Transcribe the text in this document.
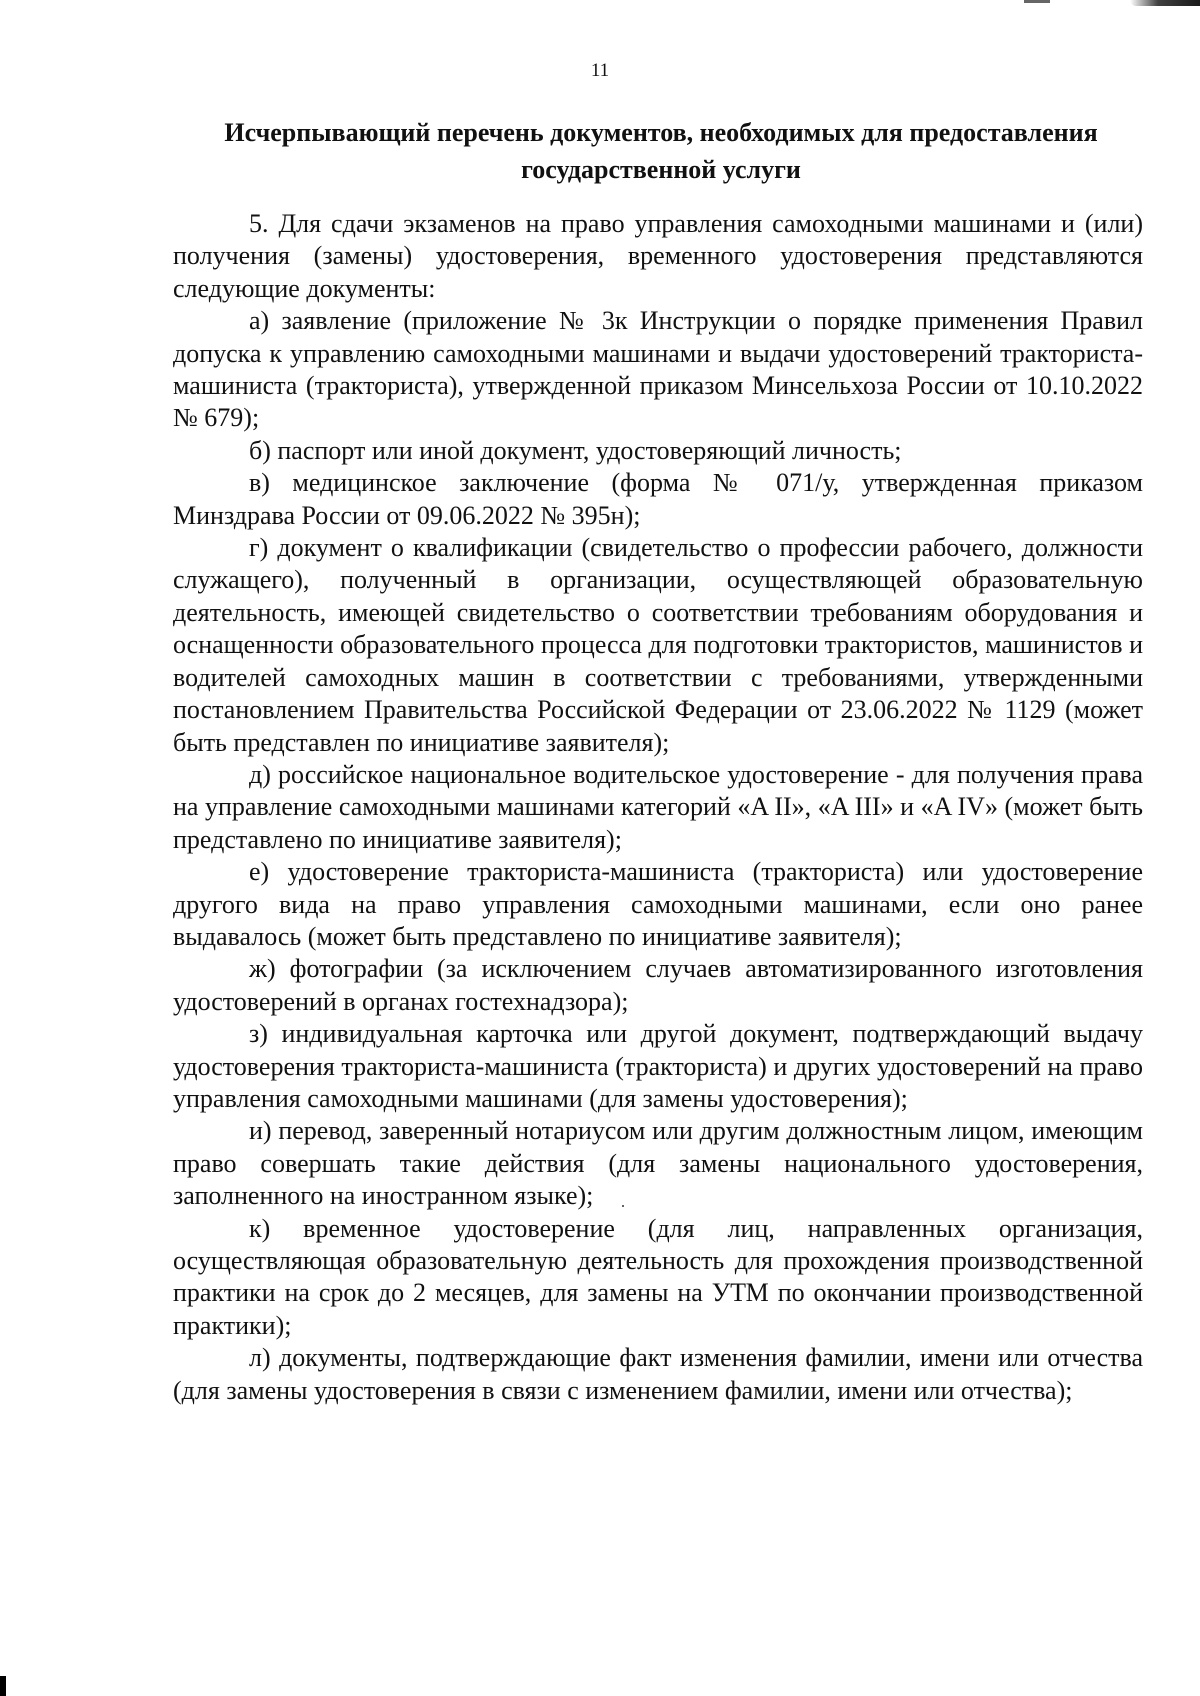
11
Исчерпывающий перечень документов, необходимых для предоставления государственной услуги

5. Для сдачи экзаменов на право управления самоходными машинами и (или) получения (замены) удостоверения, временного удостоверения представляются следующие документы:

а) заявление (приложение № 3к Инструкции о порядке применения Правил допуска к управлению самоходными машинами и выдачи удостоверений тракториста-машиниста (тракториста), утвержденной приказом Минсельхоза России от 10.10.2022 № 679);

б) паспорт или иной документ, удостоверяющий личность;

в) медицинское заключение (форма № 071/у, утвержденная приказом Минздрава России от 09.06.2022 № 395н);

г) документ о квалификации (свидетельство о профессии рабочего, должности служащего), полученный в организации, осуществляющей образовательную деятельность, имеющей свидетельство о соответствии требованиям оборудования и оснащенности образовательного процесса для подготовки трактористов, машинистов и водителей самоходных машин в соответствии с требованиями, утвержденными постановлением Правительства Российской Федерации от 23.06.2022 № 1129 (может быть представлен по инициативе заявителя);

д) российское национальное водительское удостоверение - для получения права на управление самоходными машинами категорий «A II», «A III» и «A IV» (может быть представлено по инициативе заявителя);

е) удостоверение тракториста-машиниста (тракториста) или удостоверение другого вида на право управления самоходными машинами, если оно ранее выдавалось (может быть представлено по инициативе заявителя);

ж) фотографии (за исключением случаев автоматизированного изготовления удостоверений в органах гостехнадзора);

з) индивидуальная карточка или другой документ, подтверждающий выдачу удостоверения тракториста-машиниста (тракториста) и других удостоверений на право управления самоходными машинами (для замены удостоверения);

и) перевод, заверенный нотариусом или другим должностным лицом, имеющим право совершать такие действия (для замены национального удостоверения, заполненного на иностранном языке);

к) временное удостоверение (для лиц, направленных организация, осуществляющая образовательную деятельность для прохождения производственной практики на срок до 2 месяцев, для замены на УТМ по окончании производственной практики);

л) документы, подтверждающие факт изменения фамилии, имени или отчества (для замены удостоверения в связи с изменением фамилии, имени или отчества);
